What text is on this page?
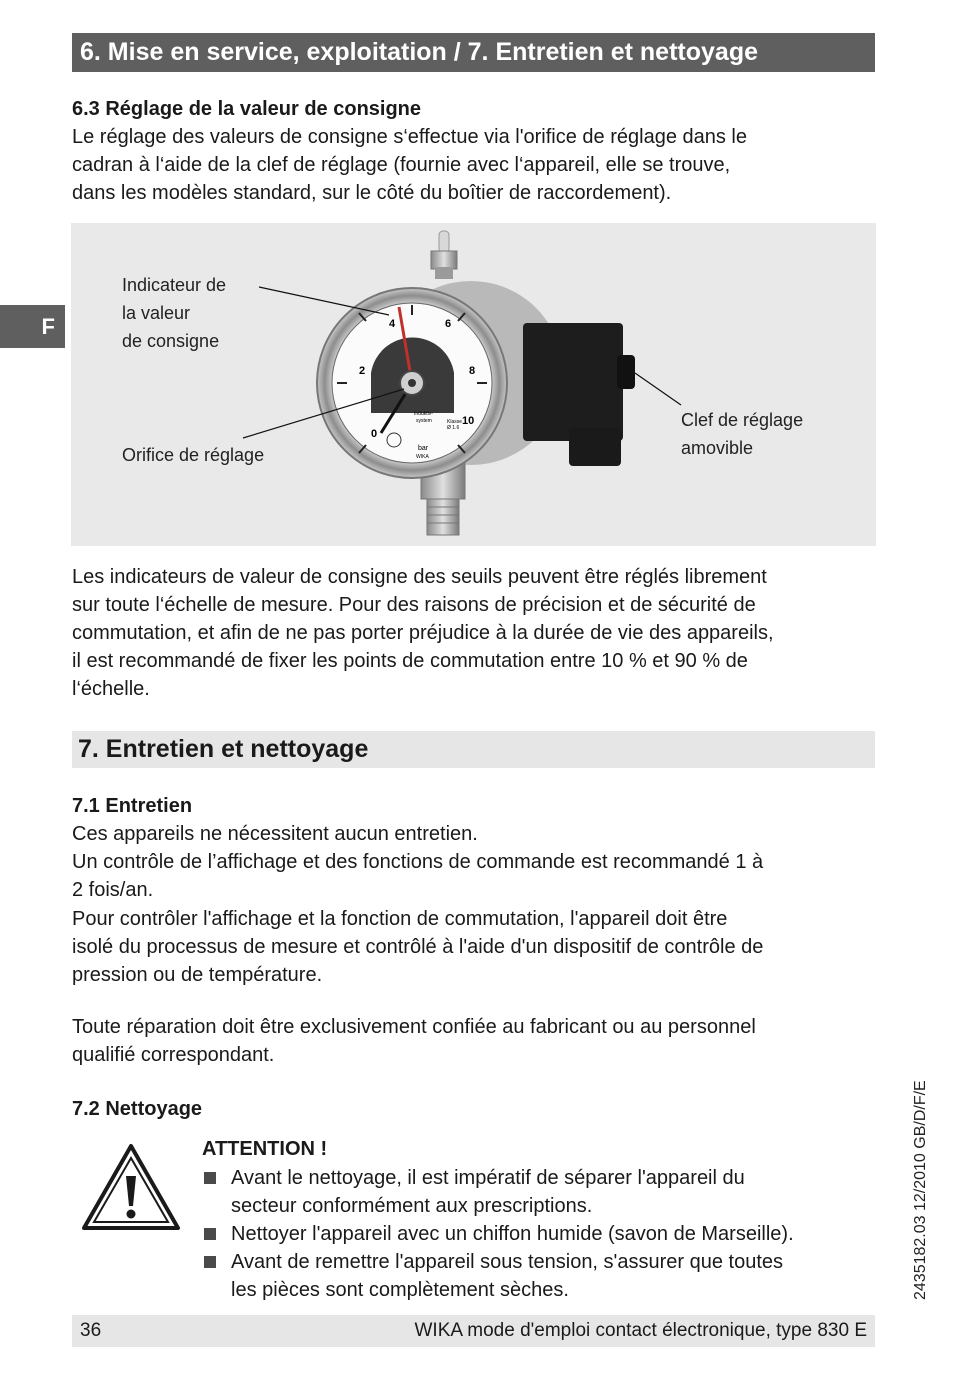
6. Mise en service, exploitation / 7. Entretien et nettoyage
F
6.3 Réglage de la valeur de consigne
Le réglage des valeurs de consigne s‘effectue via l'orifice de réglage dans le
cadran à l‘aide de la clef de réglage (fournie avec l‘appareil, elle se trouve,
dans les modèles standard, sur le côté du boîtier de raccordement).
0
2
4	6
8
10
Induktiv-
system
bar
WIKA
Klasse
Ø 1.6
Indicateur de
la valeur
de consigne
Orifice de réglage
Clef de réglage
amovible
Les indicateurs de valeur de consigne des seuils peuvent être réglés librement
sur toute l‘échelle de mesure. Pour des raisons de précision et de sécurité de
commutation, et afin de ne pas porter préjudice à la durée de vie des appareils,
il est recommandé de fixer les points de commutation entre 10 % et 90 % de
l‘échelle.
7. Entretien et nettoyage
7.1 Entretien
Ces appareils ne nécessitent aucun entretien.
Un contrôle de l’affichage et des fonctions de commande est recommandé 1 à
2 fois/an.
Pour contrôler l'affichage et la fonction de commutation, l'appareil doit être
isolé du processus de mesure et contrôlé à l'aide d'un dispositif de contrôle de
pression ou de température.
Toute réparation doit être exclusivement confiée au fabricant ou au personnel
qualifié correspondant.
7.2 Nettoyage
ATTENTION !
Avant le nettoyage, il est impératif de séparer l'appareil du
secteur conformément aux prescriptions.
Nettoyer l'appareil avec un chiffon humide (savon de Marseille).
Avant de remettre l'appareil sous tension, s'assurer que toutes
les pièces sont complètement sèches.	2435182.03 12/2010 GB/D/F/E
36	WIKA mode d'emploi contact électronique, type 830 E
